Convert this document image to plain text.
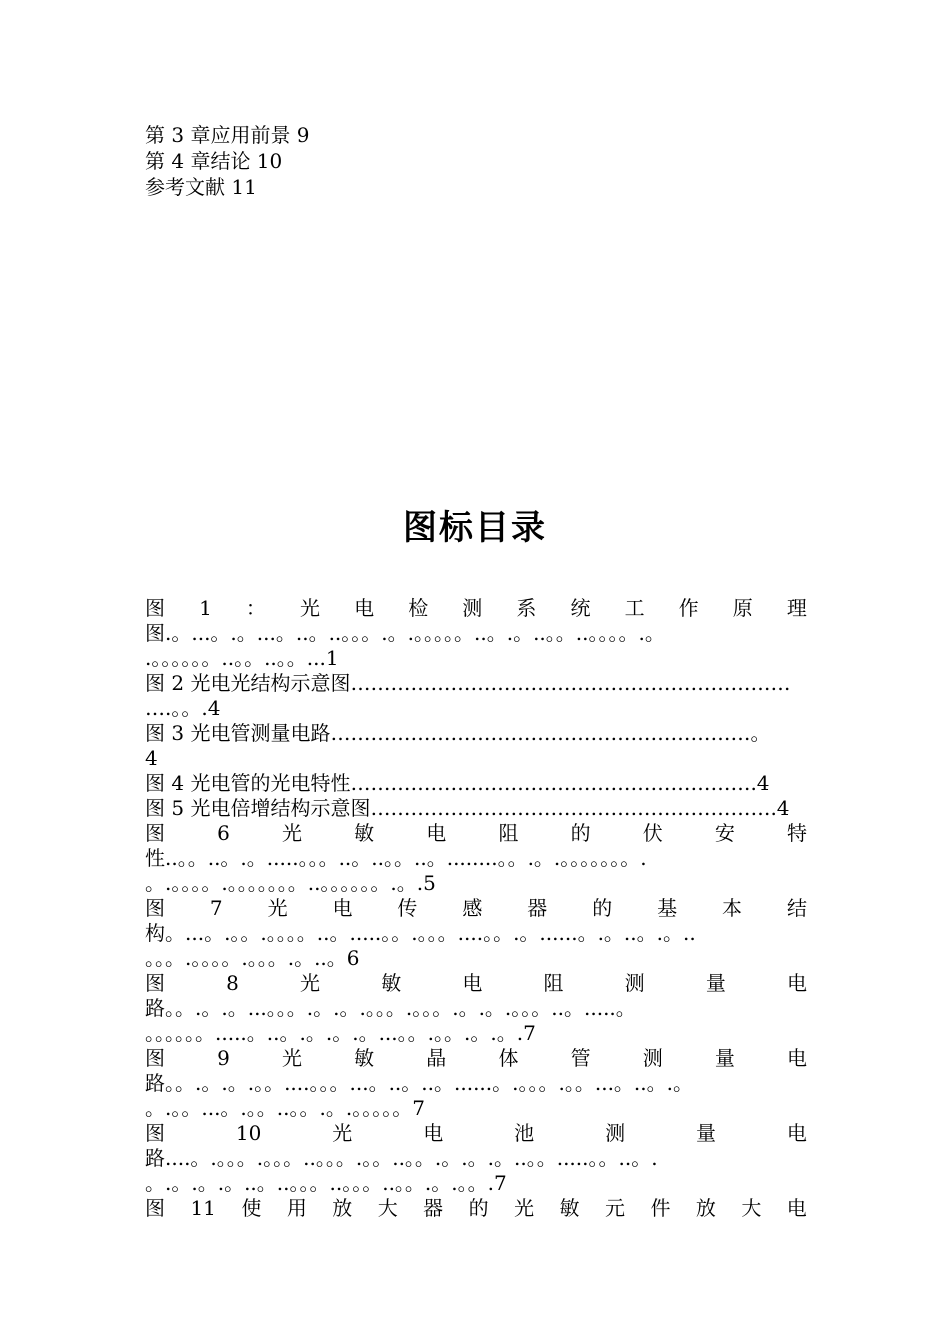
第 3 章应用前景 9
第 4 章结论 10
参考文献 11
图标目录
图 1 ： 光 电 检 测 系 统 工 作 原 理
图.。...。.。...。..。..。。。.。.。。。。。..。.。..。。..。。。。.。
.。。。。。。..。。..。。...1
图 2 光电光结构示意图…………………………………………………………
….。。.4
图 3 光电管测量电路………………………………………………………。
4
图 4 光电管的光电特性…………………………………………………….4
图 5 光电倍增结构示意图…………………………………………………….4
图	6	光	敏	电	阻	的	伏	安	特
性..。。..。.。.....。。。..。..。。..。........。。.。.。。。。。。。.
。.。。。。.。。。。。。。..。。。。。。.。.5
图 7 光 电 传 感 器 的 基 本 结
构。...。.。。.。。。。..。.....。。.。。。....。。.。......。.。..。.。..
。。。.。。。。.。。。.。..。6
图	8	光	敏	电	阻	测	量	电
路。。.。.。...。。。.。.。.。。。.。。。.。.。.。。。..。.....。
。。。。。。.....。..。.。.。.。...。。.。。.。.。.7
图	9	光	敏	晶	体	管	测	量	电
路。。.。.。.。。....。。。...。..。..。......。.。。。.。。...。..。.。
。.。。...。.。。..。。.。.。。。。。7
图	10	光	电	池	测	量	电
路....。.。。。.。。。..。。。.。。..。。.。.。.。..。。.....。。..。.
。.。.。.。..。..。。。..。。。..。。.。.。。.7
图 11 使 用 放 大 器 的 光 敏 元 件 放 大 电
